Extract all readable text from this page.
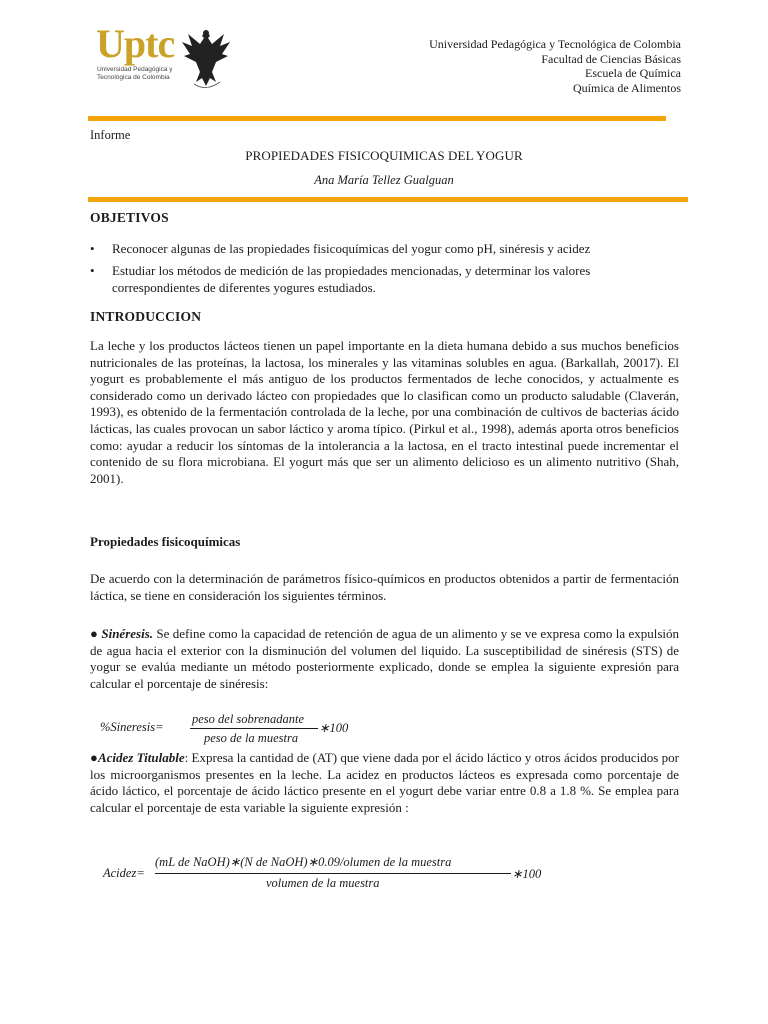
Uptc
Universidad Pedagógica y Tecnológica de Colombia
Universidad Pedagógica y Tecnológica de Colombia
Facultad de Ciencias Básicas
Escuela de Química
Química de Alimentos
Informe
PROPIEDADES FISICOQUIMICAS DEL YOGUR
Ana María Tellez Gualguan
OBJETIVOS
• Reconocer algunas de las propiedades fisicoquímicas del yogur como pH, sinéresis y acidez
• Estudiar los métodos de medición de las propiedades mencionadas, y determinar los valores correspondientes de diferentes yogures estudiados.
INTRODUCCION
La leche y los productos lácteos tienen un papel importante en la dieta humana debido a sus muchos beneficios nutricionales de las proteínas, la lactosa, los minerales y las vitaminas solubles en agua. (Barkallah, 20017). El yogurt es probablemente el más antiguo de los productos fermentados de leche conocidos, y actualmente es considerado como un derivado lácteo con propiedades que lo clasifican como un producto saludable (Claverán, 1993), es obtenido de la fermentación controlada de la leche, por una combinación de cultivos de bacterias ácido lácticas, las cuales provocan un sabor láctico y aroma típico. (Pirkul et al., 1998), además aporta otros beneficios como: ayudar a reducir los síntomas de la intolerancia a la lactosa, en el tracto intestinal puede incrementar el contenido de su flora microbiana. El yogurt más que ser un alimento delicioso es un alimento nutritivo (Shah, 2001).
Propiedades fisicoquímicas
De acuerdo con la determinación de parámetros físico-químicos en productos obtenidos a partir de fermentación láctica, se tiene en consideración los siguientes términos.
● Sinéresis. Se define como la capacidad de retención de agua de un alimento y se ve expresa como la expulsión de agua hacia el exterior con la disminución del volumen del liquido. La susceptibilidad de sinéresis (STS) de yogur se evalúa mediante un método posteriormente explicado, donde se emplea la siguiente expresión para calcular el porcentaje de sinéresis:
%Sineresis=
peso del sobrenadante
peso de la muestra
∗100
●Acidez Titulable: Expresa la cantidad de (AT) que viene dada por el ácido láctico y otros ácidos producidos por los microorganismos presentes en la leche. La acidez en productos lácteos es expresada como porcentaje de ácido láctico, el porcentaje de ácido láctico presente en el yogurt debe variar entre 0.8 a 1.8 %. Se emplea para calcular el porcentaje de esta variable la siguiente expresión :
Acidez=
(mL de NaOH)∗(N de NaOH)∗0.09/olumen de la muestra
volumen de la muestra
∗100
